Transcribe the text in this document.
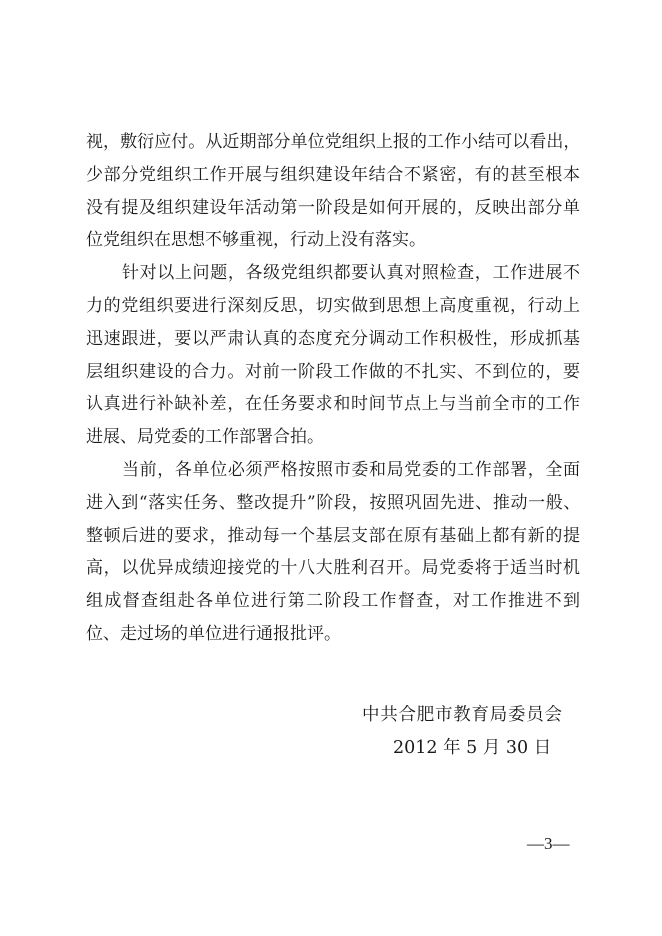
视，敷衍应付。从近期部分单位党组织上报的工作小结可以看出，
少部分党组织工作开展与组织建设年结合不紧密，有的甚至根本
没有提及组织建设年活动第一阶段是如何开展的，反映出部分单
位党组织在思想不够重视，行动上没有落实。
针对以上问题，各级党组织都要认真对照检查，工作进展不
力的党组织要进行深刻反思，切实做到思想上高度重视，行动上
迅速跟进，要以严肃认真的态度充分调动工作积极性，形成抓基
层组织建设的合力。对前一阶段工作做的不扎实、不到位的，要
认真进行补缺补差，在任务要求和时间节点上与当前全市的工作
进展、局党委的工作部署合拍。
当前，各单位必须严格按照市委和局党委的工作部署，全面
进入到“落实任务、整改提升”阶段，按照巩固先进、推动一般、
整顿后进的要求，推动每一个基层支部在原有基础上都有新的提
高，以优异成绩迎接党的十八大胜利召开。局党委将于适当时机
组成督查组赴各单位进行第二阶段工作督查，对工作推进不到
位、走过场的单位进行通报批评。
中共合肥市教育局委员会
2012 年 5 月 30 日
—3—
